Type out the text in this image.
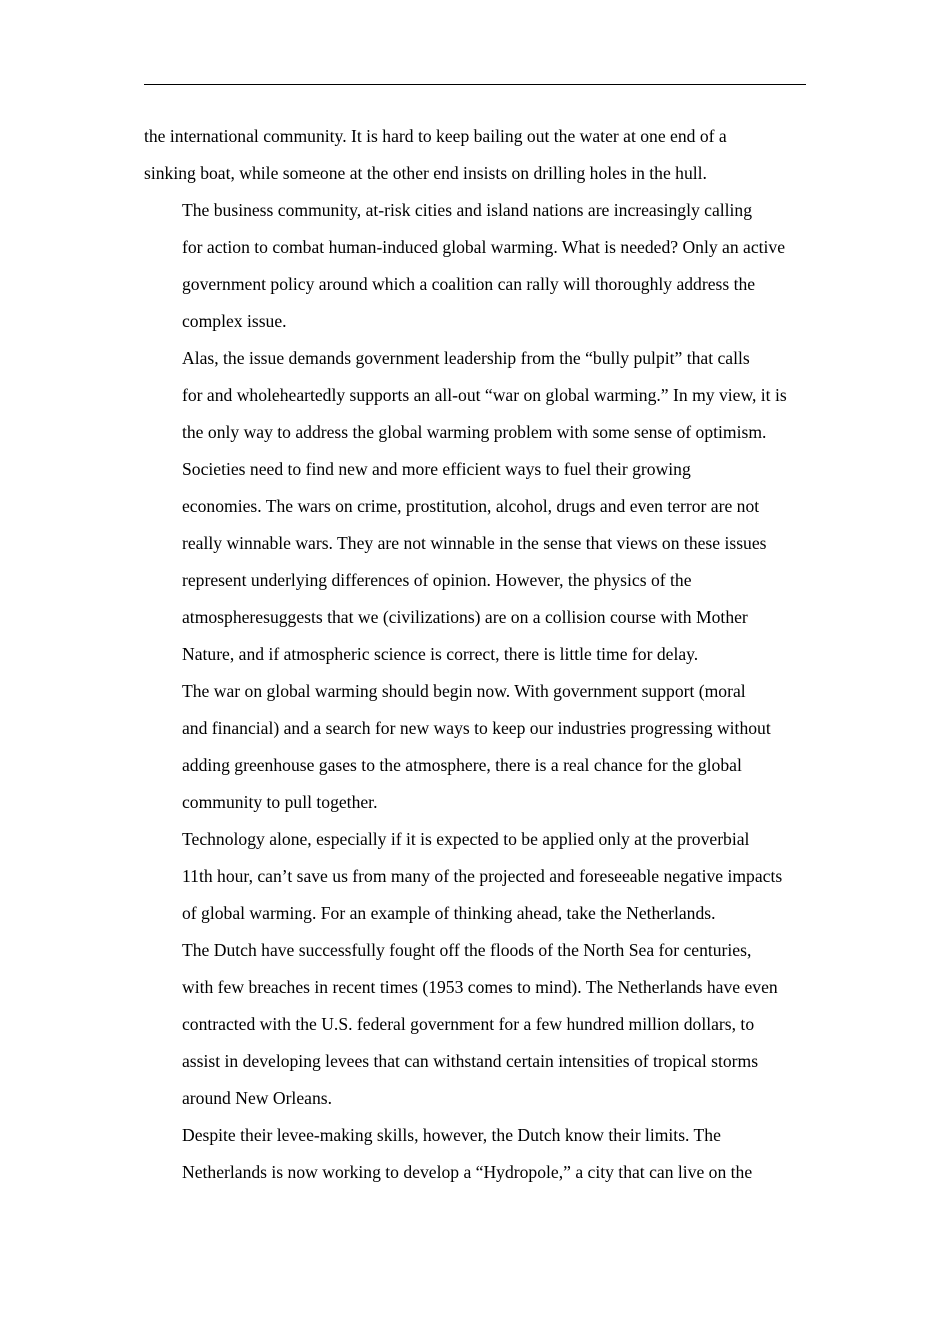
the international community. It is hard to keep bailing out the water at one end of a
sinking boat, while someone at the other end insists on drilling holes in the hull.

The business community, at-risk cities and island nations are increasingly calling
for action to combat human-induced global warming. What is needed? Only an active
government policy around which a coalition can rally will thoroughly address the
complex issue.

Alas, the issue demands government leadership from the “bully pulpit” that calls
for and wholeheartedly supports an all-out “war on global warming.” In my view, it is
the only way to address the global warming problem with some sense of optimism.

Societies need to find new and more efficient ways to fuel their growing
economies. The wars on crime, prostitution, alcohol, drugs and even terror are not
really winnable wars. They are not winnable in the sense that views on these issues
represent underlying differences of opinion. However, the physics of the
atmospheresuggests that we (civilizations) are on a collision course with Mother
Nature, and if atmospheric science is correct, there is little time for delay.

The war on global warming should begin now. With government support (moral
and financial) and a search for new ways to keep our industries progressing without
adding greenhouse gases to the atmosphere, there is a real chance for the global
community to pull together.

Technology alone, especially if it is expected to be applied only at the proverbial
11th hour, can’t save us from many of the projected and foreseeable negative impacts
of global warming. For an example of thinking ahead, take the Netherlands.

The Dutch have successfully fought off the floods of the North Sea for centuries,
with few breaches in recent times (1953 comes to mind). The Netherlands have even
contracted with the U.S. federal government for a few hundred million dollars, to
assist in developing levees that can withstand certain intensities of tropical storms
around New Orleans.

Despite their levee-making skills, however, the Dutch know their limits. The
Netherlands is now working to develop a “Hydropole,” a city that can live on the
